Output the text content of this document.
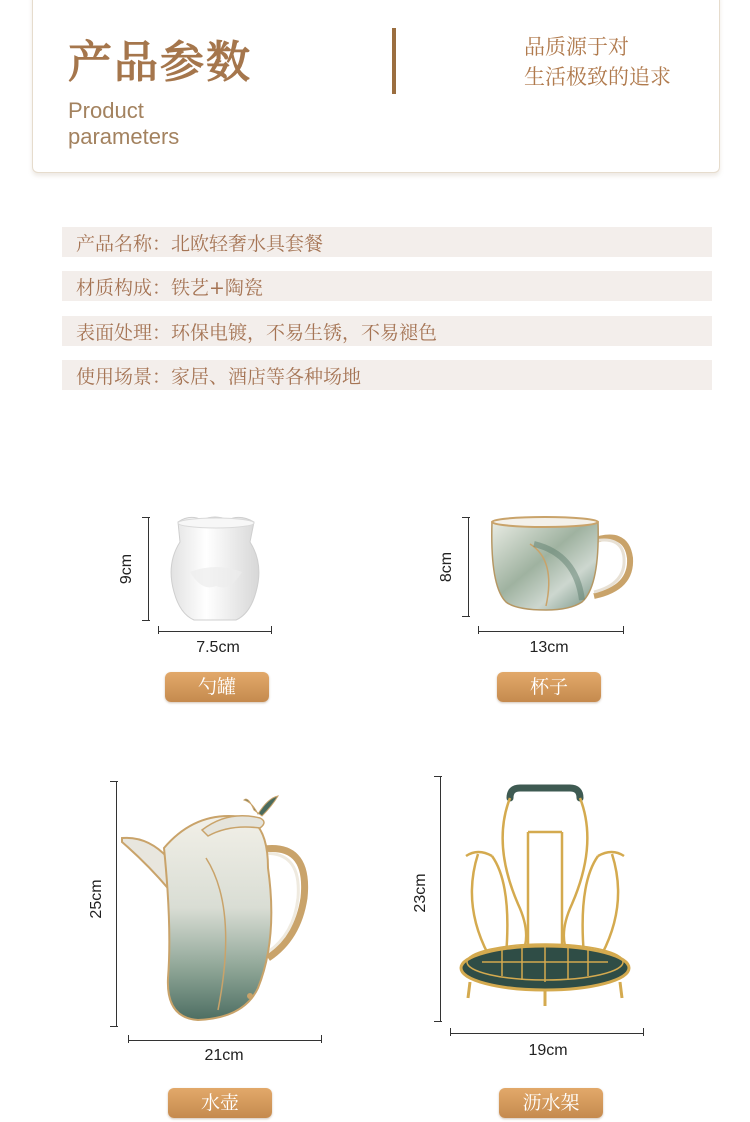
产品参数
Product
parameters
品质源于对
生活极致的追求
产品名称： 北欧轻奢水具套餐
材质构成： 铁艺+陶瓷
表面处理： 环保电镀，不易生锈，不易褪色
使用场景： 家居、酒店等各种场地
9cm
7.5cm
勺罐
8cm
13cm
杯子
25cm
21cm
水壶
23cm
19cm
沥水架
